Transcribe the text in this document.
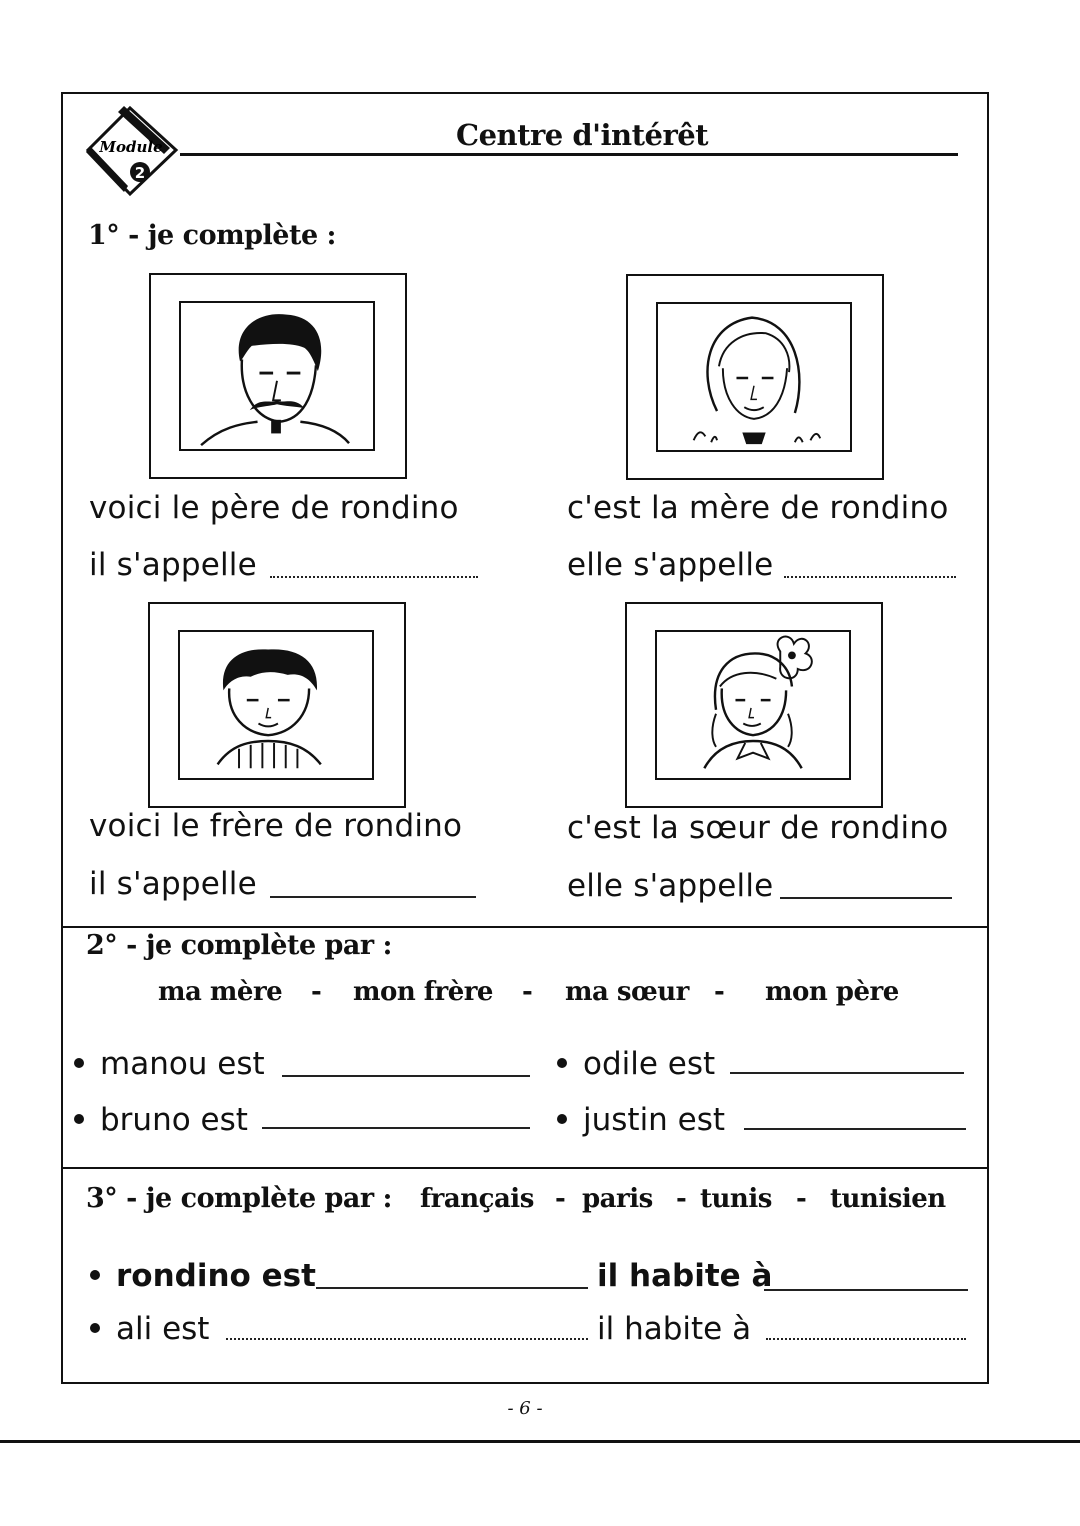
Module
2
Centre d'intérêt
1° - je complète :
voici le père de rondino
il s'appelle
c'est la mère de rondino
elle s'appelle
voici le frère de rondino
il s'appelle
c'est la sœur de rondino
elle s'appelle
2° - je complète par :
ma mère - mon frère - ma sœur - mon père
manou est	odile est
bruno est	justin est
3° - je complète par : français - paris - tunis - tunisien
rondino est	il habite à
ali est	il habite à
- 6 -
